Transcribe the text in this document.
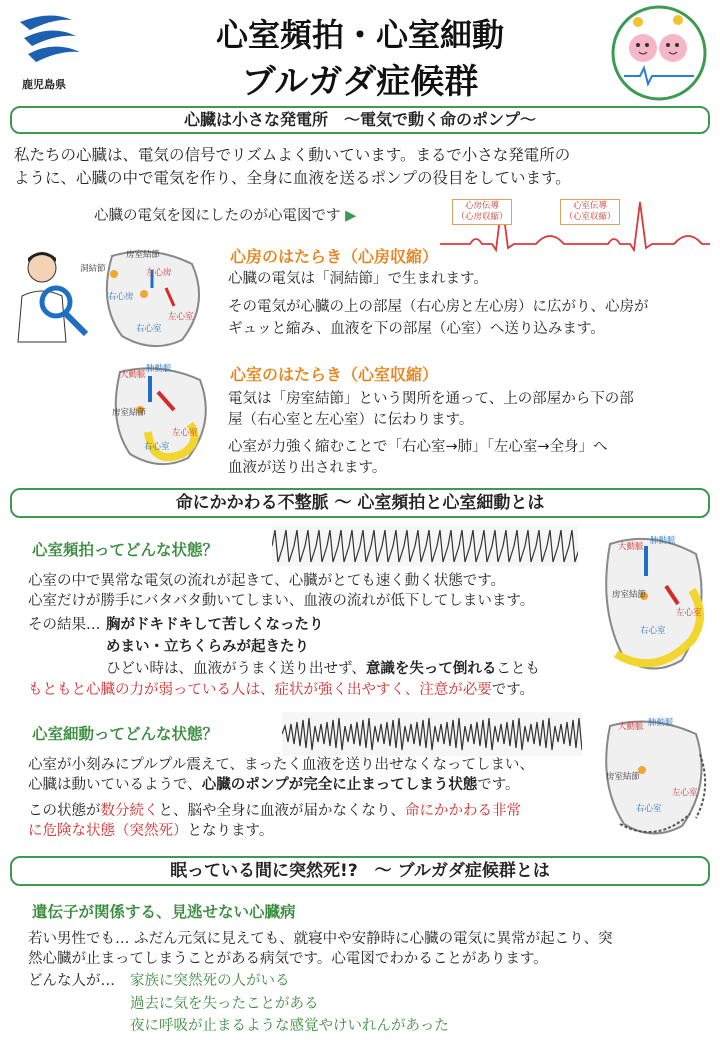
鹿児島県
心室頻拍・心室細動
ブルガダ症候群
心臓は小さな発電所　～電気で動く命のポンプ～
私たちの心臓は、電気の信号でリズムよく動いています。まるで小さな発電所の
ように、心臓の中で電気を作り、全身に血液を送るポンプの役目をしています。
心臓の電気を図にしたのが心電図です ▶
心房伝導
（心房収縮）
心室伝導
（心室収縮）
洞結節
房室結節
右心房
左心房
右心室
左心室
心房のはたらき（心房収縮）
心臓の電気は「洞結節」で生まれます。
その電気が心臓の上の部屋（右心房と左心房）に広がり、心房が
ギュッと縮み、血液を下の部屋（心室）へ送り込みます。
大動脈
肺動脈
房室結節
右心室
左心室
心室のはたらき（心室収縮）
電気は「房室結節」という関所を通って、上の部屋から下の部
屋（右心室と左心室）に伝わります。
心室が力強く縮むことで「右心室→肺」「左心室→全身」へ
血液が送り出されます。
命にかかわる不整脈 ～ 心室頻拍と心室細動とは
心室頻拍ってどんな状態？
心室の中で異常な電気の流れが起きて、心臓がとても速く動く状態です。
心室だけが勝手にバタバタ動いてしまい、血液の流れが低下してしまいます。
その結果… 胸がドキドキして苦しくなったり
めまい・立ちくらみが起きたり
ひどい時は、血液がうまく送り出せず、意識を失って倒れることも
もともと心臓の力が弱っている人は、症状が強く出やすく、注意が必要です。
大動脈
肺動脈
房室結節
左心室
右心室
心室細動ってどんな状態？
心室が小刻みにプルプル震えて、まったく血液を送り出せなくなってしまい、
心臓は動いているようで、心臓のポンプが完全に止まってしまう状態です。
この状態が数分続くと、脳や全身に血液が届かなくなり、命にかかわる非常
に危険な状態（突然死）となります。
大動脈 肺動脈
房室結節
左心室
右心室
眠っている間に突然死!?　～ ブルガダ症候群とは
遺伝子が関係する、見逃せない心臓病
若い男性でも… ふだん元気に見えても、就寝中や安静時に心臓の電気に異常が起こり、突
然心臓が止まってしまうことがある病気です。心電図でわかることがあります。
どんな人が… 家族に突然死の人がいる
過去に気を失ったことがある
夜に呼吸が止まるような感覚やけいれんがあった
